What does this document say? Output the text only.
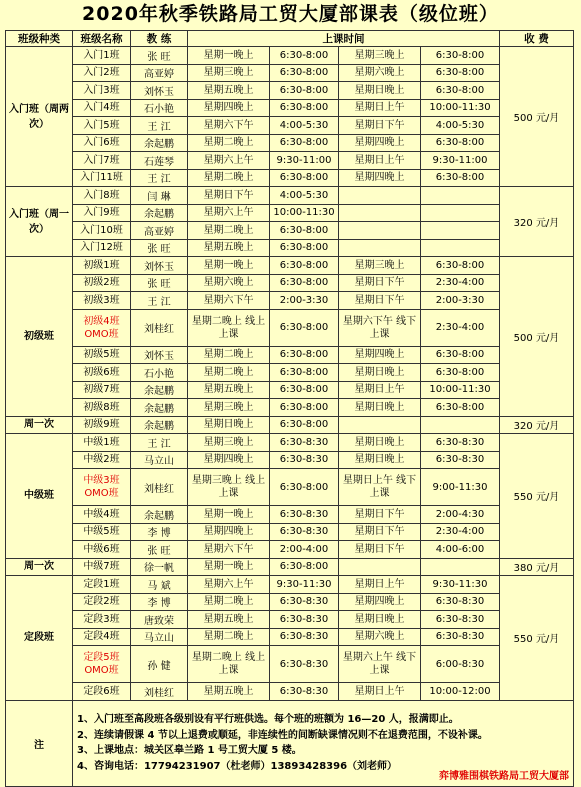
2020年秋季铁路局工贸大厦部课表（级位班）
班级种类	班级名称	教 练	上课时间				收 费
入门班（周两次）	入门1班	张 旺	星期一晚上	6:30-8:00	星期三晚上	6:30-8:00	500 元/月
	入门2班	高亚婷	星期三晚上	6:30-8:00	星期六晚上	6:30-8:00	
	入门3班	刘怀玉	星期五晚上	6:30-8:00	星期日晚上	6:30-8:00	
	入门4班	石小艳	星期四晚上	6:30-8:00	星期日上午	10:00-11:30	
	入门5班	王 江	星期六下午	4:00-5:30	星期日下午	4:00-5:30	
	入门6班	余起鹏	星期二晚上	6:30-8:00	星期四晚上	6:30-8:00	
	入门7班	石莲琴	星期六上午	9:30-11:00	星期日上午	9:30-11:00	
	入门11班	王 江	星期二晚上	6:30-8:00	星期四晚上	6:30-8:00	
入门班（周一次）	入门8班	闫 琳	星期日下午	4:00-5:30			320 元/月
	入门9班	余起鹏	星期六上午	10:00-11:30			
	入门10班	高亚婷	星期二晚上	6:30-8:00			
	入门12班	张 旺	星期五晚上	6:30-8:00			
初级班	初级1班	刘怀玉	星期一晚上	6:30-8:00	星期三晚上	6:30-8:00	500 元/月
	初级2班	张 旺	星期六晚上	6:30-8:00	星期日下午	2:30-4:00	
	初级3班	王 江	星期六下午	2:00-3:30	星期日下午	2:00-3:30	
	初级4班 OMO班	刘桂红	星期二晚上 线上上课	6:30-8:00	星期六下午 线下上课	2:30-4:00	
	初级5班	刘怀玉	星期二晚上	6:30-8:00	星期四晚上	6:30-8:00	
	初级6班	石小艳	星期二晚上	6:30-8:00	星期日晚上	6:30-8:00	
	初级7班	余起鹏	星期五晚上	6:30-8:00	星期日上午	10:00-11:30	
	初级8班	余起鹏	星期三晚上	6:30-8:00	星期日晚上	6:30-8:00	
周一次	初级9班	余起鹏	星期日晚上	6:30-8:00			320 元/月
中级班	中级1班	王 江	星期三晚上	6:30-8:30	星期日晚上	6:30-8:30	550 元/月
	中级2班	马立山	星期四晚上	6:30-8:30	星期日晚上	6:30-8:30	
	中级3班 OMO班	刘桂红	星期三晚上 线上上课	6:30-8:00	星期日上午 线下上课	9:00-11:30	
	中级4班	余起鹏	星期一晚上	6:30-8:30	星期日下午	2:00-4:30	
	中级5班	李 博	星期四晚上	6:30-8:30	星期日下午	2:30-4:00	
	中级6班	张 旺	星期六下午	2:00-4:00	星期日下午	4:00-6:00	
周一次	中级7班	徐一帆	星期一晚上	6:30-8:00			380 元/月
定段班	定段1班	马 斌	星期六上午	9:30-11:30	星期日上午	9:30-11:30	550 元/月
	定段2班	李 博	星期二晚上	6:30-8:30	星期四晚上	6:30-8:30	
	定段3班	唐致荣	星期五晚上	6:30-8:30	星期日晚上	6:30-8:30	
	定段4班	马立山	星期二晚上	6:30-8:30	星期六晚上	6:30-8:30	
	定段5班 OMO班	孙 健	星期二晚上 线上上课	6:30-8:30	星期六上午 线下上课	6:00-8:30	
	定段6班	刘桂红	星期五晚上	6:30-8:30	星期日上午	10:00-12:00	
注	1、入门班至高段班各级别设有平行班供选。每个班的班额为 16—20 人，报满即止。
2、连续请假课 4 节以上退费或顺延，非连续性的间断缺课情况则不在退费范围，不设补课。
3、上课地点：城关区皋兰路 1 号工贸大厦 5 楼。
4、咨询电话：17794231907（杜老师）13893428396（刘老师）
弈博雅围棋铁路局工贸大厦部						
